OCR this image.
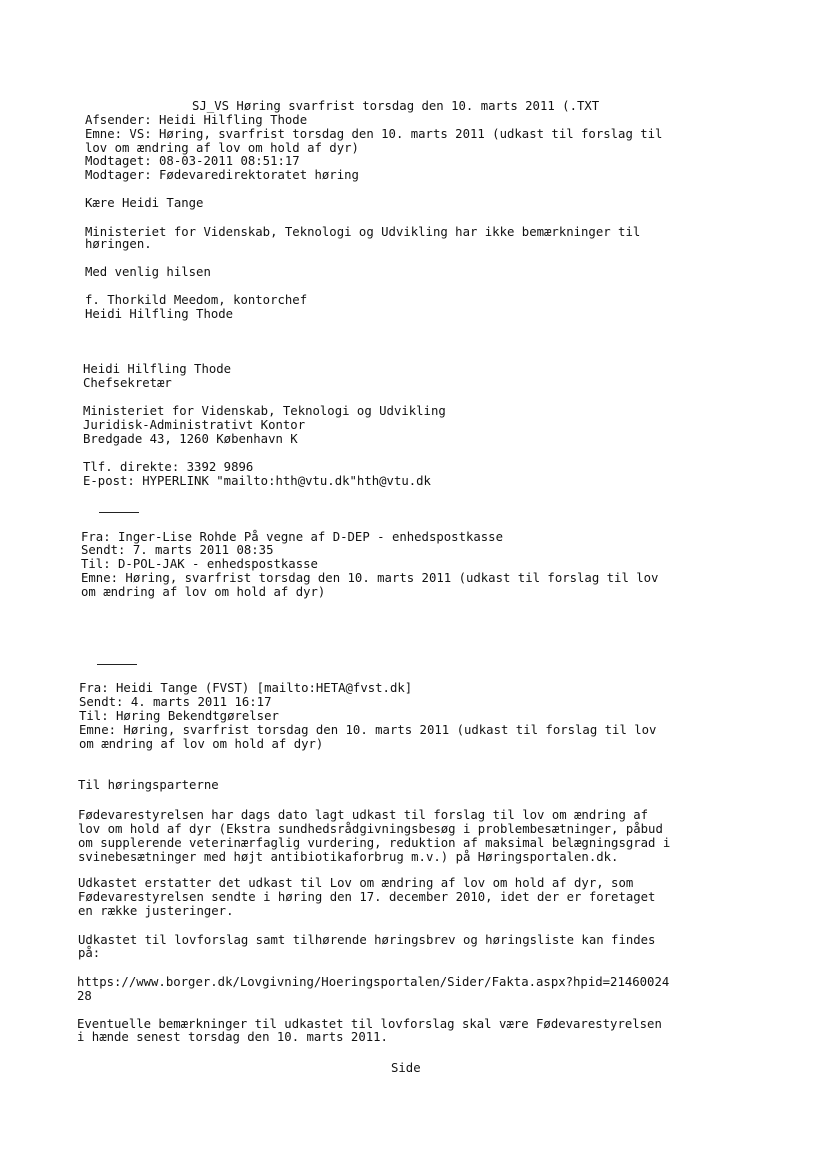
SJ_VS Høring svarfrist torsdag den 10. marts 2011 (.TXT
Afsender: Heidi Hilfling Thode
Emne: VS: Høring, svarfrist torsdag den 10. marts 2011 (udkast til forslag til
lov om ændring af lov om hold af dyr)
Modtaget: 08-03-2011 08:51:17
Modtager: Fødevaredirektoratet høring
Kære Heidi Tange
Ministeriet for Videnskab, Teknologi og Udvikling har ikke bemærkninger til
høringen.
Med venlig hilsen
f. Thorkild Meedom, kontorchef
Heidi Hilfling Thode
Heidi Hilfling Thode
Chefsekretær
Ministeriet for Videnskab, Teknologi og Udvikling
Juridisk-Administrativt Kontor
Bredgade 43, 1260 København K
Tlf. direkte: 3392 9896
E-post: HYPERLINK "mailto:hth@vtu.dk"hth@vtu.dk
Fra: Inger-Lise Rohde På vegne af D-DEP - enhedspostkasse
Sendt: 7. marts 2011 08:35
Til: D-POL-JAK - enhedspostkasse
Emne: Høring, svarfrist torsdag den 10. marts 2011 (udkast til forslag til lov
om ændring af lov om hold af dyr)
Fra: Heidi Tange (FVST) [mailto:HETA@fvst.dk]
Sendt: 4. marts 2011 16:17
Til: Høring Bekendtgørelser
Emne: Høring, svarfrist torsdag den 10. marts 2011 (udkast til forslag til lov
om ændring af lov om hold af dyr)
Til høringsparterne
Fødevarestyrelsen har dags dato lagt udkast til forslag til lov om ændring af
lov om hold af dyr (Ekstra sundhedsrådgivningsbesøg i problembesætninger, påbud
om supplerende veterinærfaglig vurdering, reduktion af maksimal belægningsgrad i
svinebesætninger med højt antibiotikaforbrug m.v.) på Høringsportalen.dk.
Udkastet erstatter det udkast til Lov om ændring af lov om hold af dyr, som
Fødevarestyrelsen sendte i høring den 17. december 2010, idet der er foretaget
en række justeringer.
Udkastet til lovforslag samt tilhørende høringsbrev og høringsliste kan findes
på:
https://www.borger.dk/Lovgivning/Hoeringsportalen/Sider/Fakta.aspx?hpid=21460024
28
Eventuelle bemærkninger til udkastet til lovforslag skal være Fødevarestyrelsen
i hænde senest torsdag den 10. marts 2011.
Side
